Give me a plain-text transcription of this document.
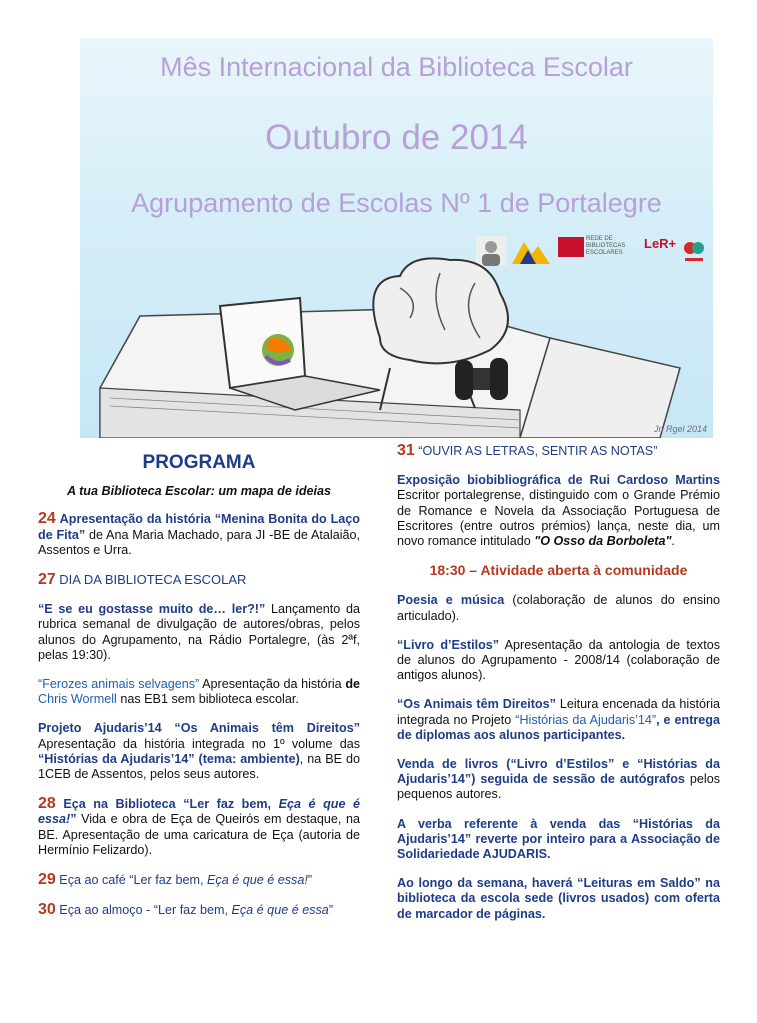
Mês Internacional da Biblioteca Escolar
Outubro de 2014
Agrupamento de Escolas Nº 1 de Portalegre
REDE DE BIBLIOTECAS ESCOLARES
LeR+
Jn Rgel 2014
PROGRAMA
A tua Biblioteca Escolar: um mapa de ideias

24 Apresentação da história “Menina Bonita do Laço de Fita” de Ana Maria Machado, para JI -BE de Atalaião, Assentos e Urra.

27 DIA DA BIBLIOTECA ESCOLAR

“E se eu gostasse muito de… ler?!” Lançamento da rubrica semanal de divulgação de autores/obras, pelos alunos do Agrupamento, na Rádio Portalegre, (às 2ªf, pelas 19:30).

“Ferozes animais selvagens” Apresentação da história de Chris Wormell nas EB1 sem biblioteca escolar.

Projeto Ajudaris’14 “Os Animais têm Direitos” Apresentação da história integrada no 1º volume das “Histórias da Ajudaris’14” (tema: ambiente), na BE do 1CEB de Assentos, pelos seus autores.

28 Eça na Biblioteca “Ler faz bem, Eça é que é essa!” Vida e obra de Eça de Queirós em destaque, na BE. Apresentação de uma caricatura de Eça (autoria de Hermínio Felizardo).

29 Eça ao café “Ler faz bem, Eça é que é essa!”

30 Eça ao almoço - “Ler faz bem, Eça é que é essa”

31 “OUVIR AS LETRAS, SENTIR AS NOTAS”

Exposição biobibliográfica de Rui Cardoso Martins Escritor portalegrense, distinguido com o Grande Prémio de Romance e Novela da Associação Portuguesa de Escritores (entre outros prémios) lança, neste dia, um novo romance intitulado "O Osso da Borboleta".

18:30 – Atividade aberta à comunidade

Poesia e música (colaboração de alunos do ensino articulado).

“Livro d’Estilos” Apresentação da antologia de textos de alunos do Agrupamento - 2008/14 (colaboração de antigos alunos).

“Os Animais têm Direitos” Leitura encenada da história integrada no Projeto “Histórias da Ajudaris’14”, e entrega de diplomas aos alunos participantes.

Venda de livros (“Livro d’Estilos” e “Histórias da Ajudaris’14”) seguida de sessão de autógrafos pelos pequenos autores.

A verba referente à venda das “Histórias da Ajudaris’14” reverte por inteiro para a Associação de Solidariedade AJUDARIS.

Ao longo da semana, haverá “Leituras em Saldo” na biblioteca da escola sede (livros usados) com oferta de marcador de páginas.
